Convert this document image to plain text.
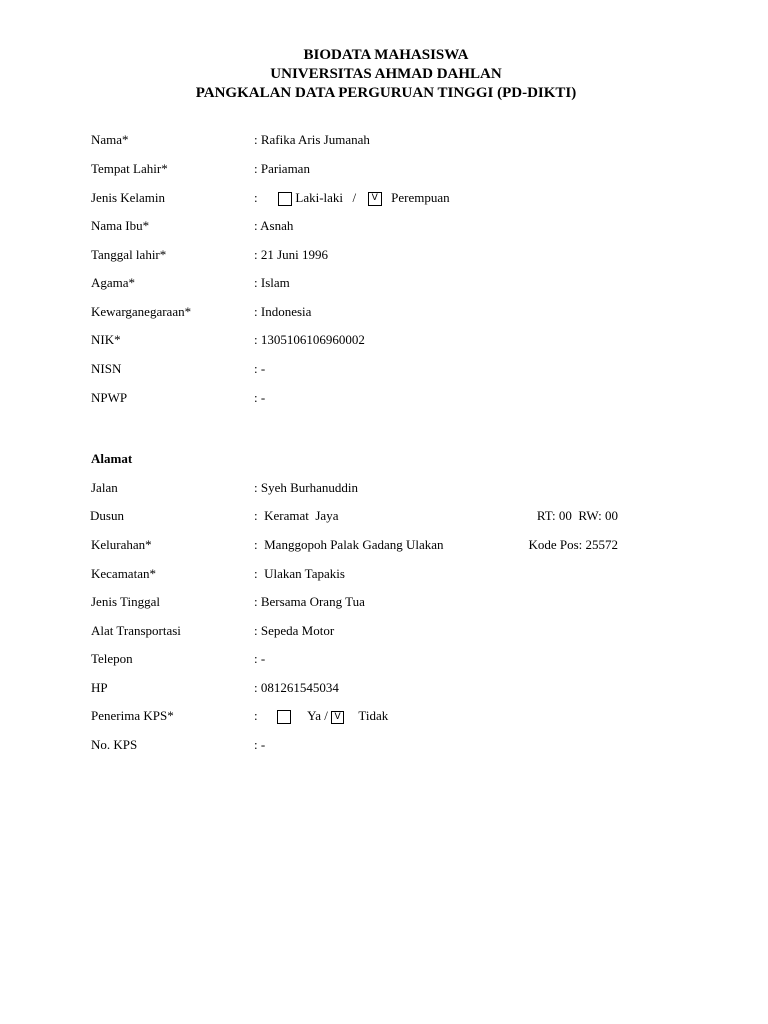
BIODATA MAHASISWA
UNIVERSITAS AHMAD DAHLAN
PANGKALAN DATA PERGURUAN TINGGI (PD-DIKTI)
Nama*	: Rafika Aris Jumanah
Tempat Lahir*	: Pariaman
Jenis Kelamin	:	Laki-laki /	V Perempuan
Nama Ibu*	: Asnah
Tanggal lahir*	: 21 Juni 1996
Agama*	: Islam
Kewarganegaraan*	: Indonesia
NIK*	: 1305106106960002
NISN	: -
NPWP	: -
Alamat
Jalan	: Syeh Burhanuddin
Dusun	:  Keramat  Jaya	RT: 00  RW: 00
Kelurahan*	:  Manggopoh Palak Gadang Ulakan	Kode Pos: 25572
Kecamatan*	:  Ulakan Tapakis
Jenis Tinggal	: Bersama Orang Tua
Alat Transportasi	: Sepeda Motor
Telepon	: -
HP	: 081261545034
Penerima KPS*	:	Ya / V Tidak
No. KPS	: -
